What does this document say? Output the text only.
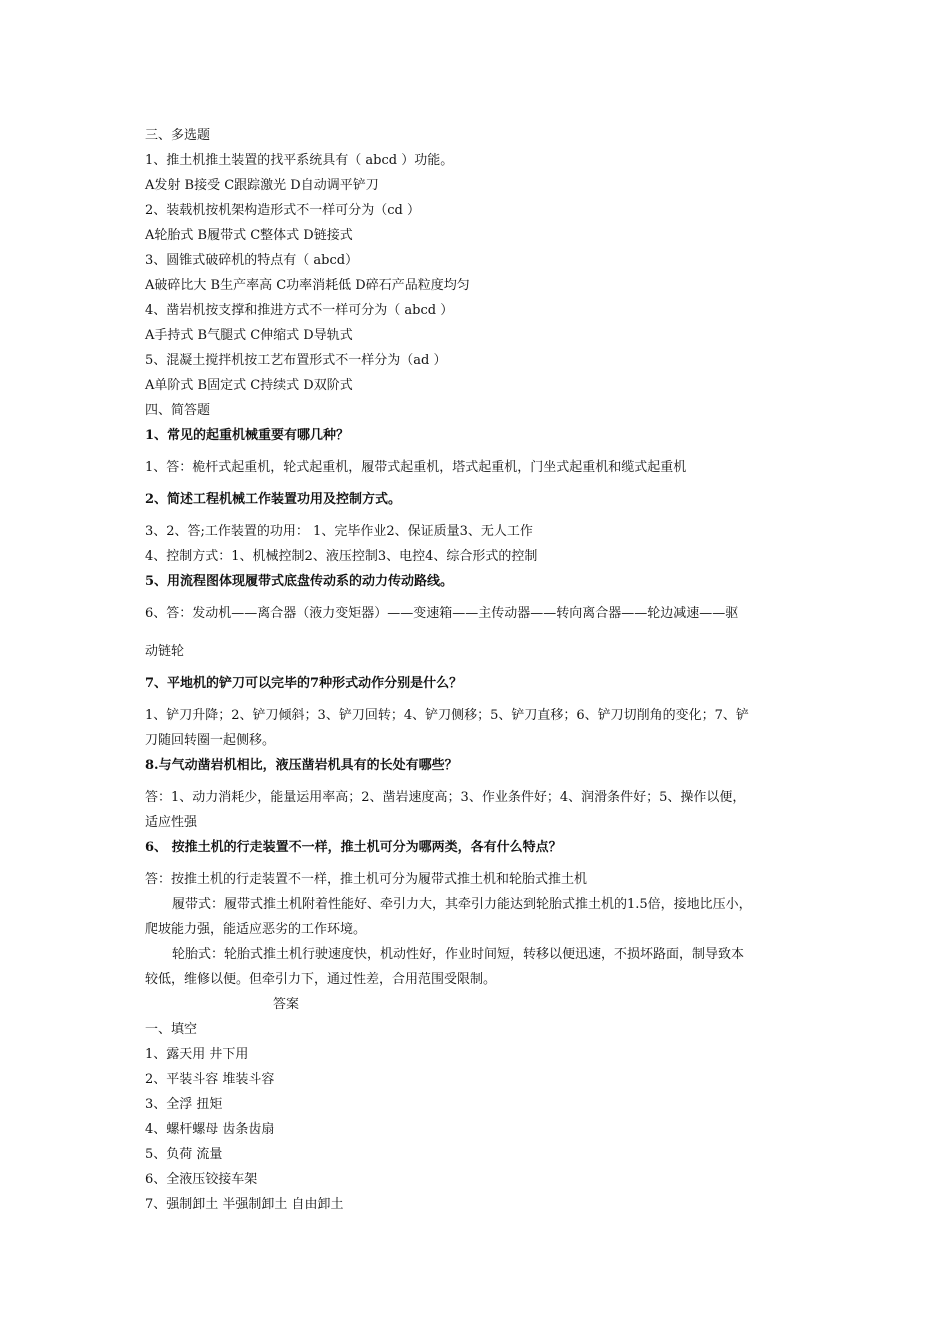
三、多选题
1、推土机推土装置的找平系统具有（ abcd ）功能。
A发射 B接受 C跟踪激光 D自动调平铲刀
2、装载机按机架构造形式不一样可分为（cd ）
A轮胎式 B履带式 C整体式 D链接式
3、圆锥式破碎机的特点有（ abcd）
A破碎比大 B生产率高 C功率消耗低 D碎石产品粒度均匀
4、凿岩机按支撑和推进方式不一样可分为（ abcd ）
A手持式 B气腿式 C伸缩式 D导轨式
5、混凝土搅拌机按工艺布置形式不一样分为（ad ）
A单阶式 B固定式 C持续式 D双阶式
四、简答题
1、常见的起重机械重要有哪几种？
1、答：桅杆式起重机，轮式起重机，履带式起重机，塔式起重机，门坐式起重机和缆式起重机
2、简述工程机械工作装置功用及控制方式。
3、2、答;工作装置的功用： 1、完毕作业2、保证质量3、无人工作
4、控制方式：1、机械控制2、液压控制3、电控4、综合形式的控制
5、用流程图体现履带式底盘传动系的动力传动路线。
6、答：发动机——离合器（液力变矩器）——变速箱——主传动器——转向离合器——轮边减速——驱
动链轮
7、平地机的铲刀可以完毕的7种形式动作分别是什么？
1、铲刀升降；2、铲刀倾斜；3、铲刀回转；4、铲刀侧移；5、铲刀直移；6、铲刀切削角的变化；7、铲
刀随回转圈一起侧移。
8.与气动凿岩机相比，液压凿岩机具有的长处有哪些？
答：1、动力消耗少，能量运用率高；2、凿岩速度高；3、作业条件好；4、润滑条件好；5、操作以便，
适应性强
6、 按推土机的行走装置不一样，推土机可分为哪两类，各有什么特点？
答：按推土机的行走装置不一样，推土机可分为履带式推土机和轮胎式推土机
履带式：履带式推土机附着性能好、牵引力大，其牵引力能达到轮胎式推土机的1.5倍，接地比压小，
爬坡能力强，能适应恶劣的工作环境。
轮胎式：轮胎式推土机行驶速度快，机动性好，作业时间短，转移以便迅速，不损坏路面，制导致本
较低，维修以便。但牵引力下，通过性差，合用范围受限制。
答案
一、填空
1、露天用 井下用
2、平装斗容 堆装斗容
3、全浮 扭矩
4、螺杆螺母 齿条齿扇
5、负荷 流量
6、全液压铰接车架
7、强制卸土 半强制卸土 自由卸土
